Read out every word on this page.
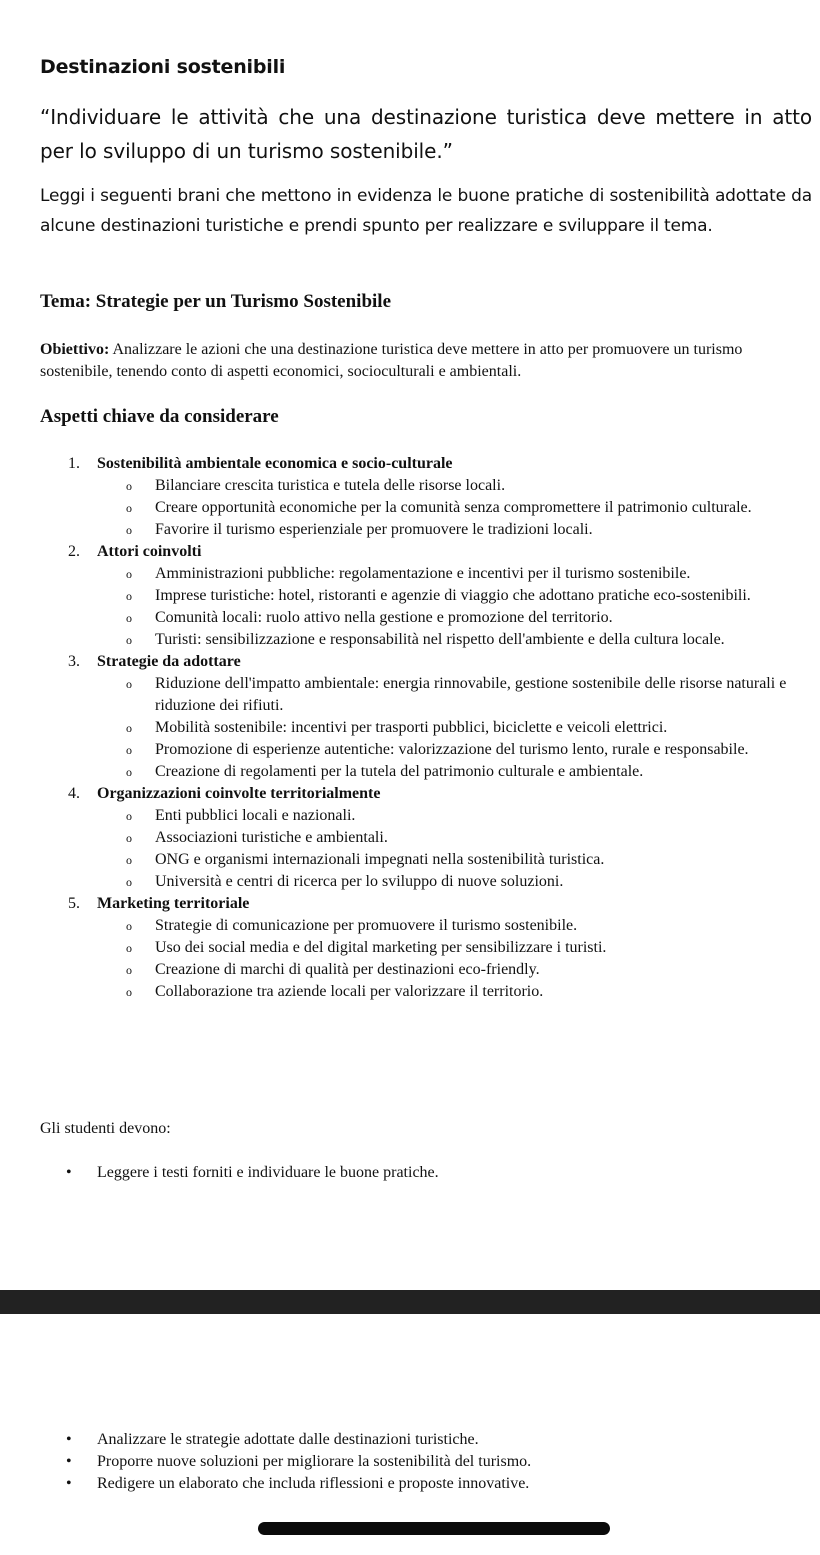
Destinazioni sostenibili
“Individuare le attività che una destinazione turistica deve mettere in atto per lo sviluppo di un turismo sostenibile.”
Leggi i seguenti brani che mettono in evidenza le buone pratiche di sostenibilità adottate da alcune destinazioni turistiche e prendi spunto per realizzare e sviluppare il tema.
Tema: Strategie per un Turismo Sostenibile
Obiettivo: Analizzare le azioni che una destinazione turistica deve mettere in atto per promuovere un turismo sostenibile, tenendo conto di aspetti economici, socioculturali e ambientali.
Aspetti chiave da considerare
1. Sostenibilità ambientale economica e socio-culturale
o Bilanciare crescita turistica e tutela delle risorse locali.
o Creare opportunità economiche per la comunità senza compromettere il patrimonio culturale.
o Favorire il turismo esperienziale per promuovere le tradizioni locali.
2. Attori coinvolti
o Amministrazioni pubbliche: regolamentazione e incentivi per il turismo sostenibile.
o Imprese turistiche: hotel, ristoranti e agenzie di viaggio che adottano pratiche eco-sostenibili.
o Comunità locali: ruolo attivo nella gestione e promozione del territorio.
o Turisti: sensibilizzazione e responsabilità nel rispetto dell'ambiente e della cultura locale.
3. Strategie da adottare
o Riduzione dell'impatto ambientale: energia rinnovabile, gestione sostenibile delle risorse naturali e riduzione dei rifiuti.
o Mobilità sostenibile: incentivi per trasporti pubblici, biciclette e veicoli elettrici.
o Promozione di esperienze autentiche: valorizzazione del turismo lento, rurale e responsabile.
o Creazione di regolamenti per la tutela del patrimonio culturale e ambientale.
4. Organizzazioni coinvolte territorialmente
o Enti pubblici locali e nazionali.
o Associazioni turistiche e ambientali.
o ONG e organismi internazionali impegnati nella sostenibilità turistica.
o Università e centri di ricerca per lo sviluppo di nuove soluzioni.
5. Marketing territoriale
o Strategie di comunicazione per promuovere il turismo sostenibile.
o Uso dei social media e del digital marketing per sensibilizzare i turisti.
o Creazione di marchi di qualità per destinazioni eco-friendly.
o Collaborazione tra aziende locali per valorizzare il territorio.
Gli studenti devono:
• Leggere i testi forniti e individuare le buone pratiche.
• Analizzare le strategie adottate dalle destinazioni turistiche.
• Proporre nuove soluzioni per migliorare la sostenibilità del turismo.
• Redigere un elaborato che includa riflessioni e proposte innovative.
